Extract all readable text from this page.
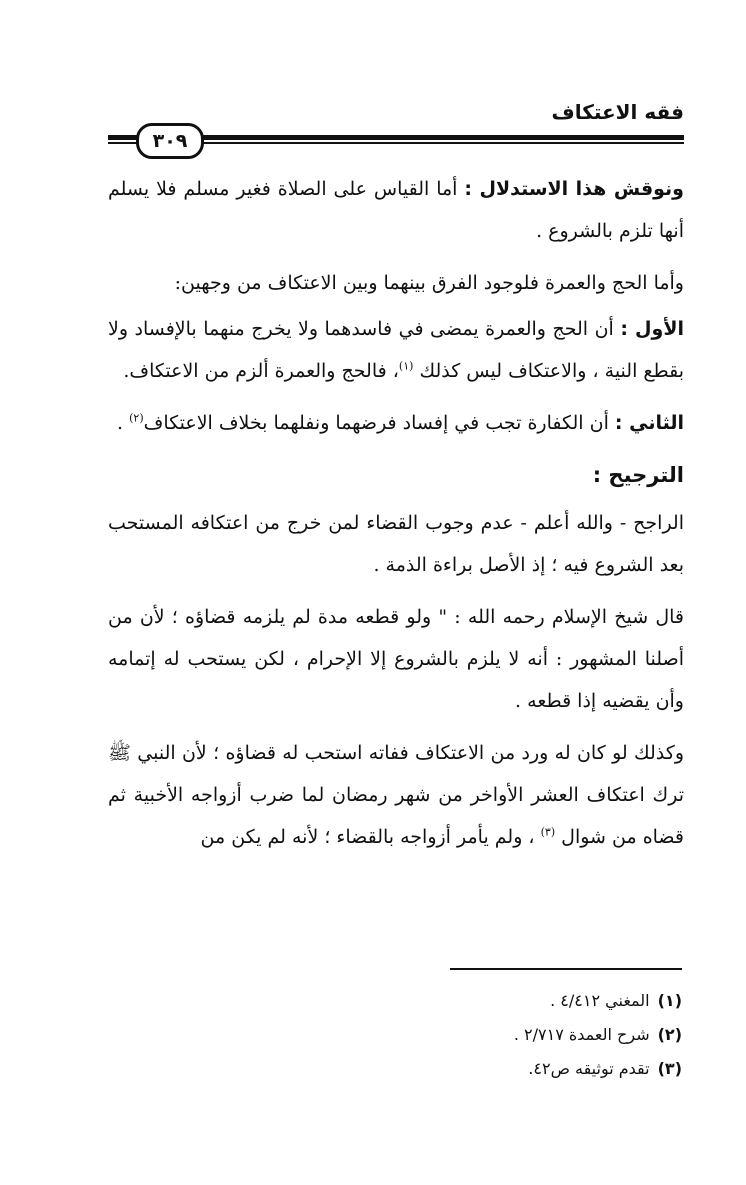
فقه الاعتكاف
٣٠٩

ونوقش هذا الاستدلال : أما القياس على الصلاة فغير مسلم فلا يسلم أنها تلزم بالشروع .

وأما الحج والعمرة فلوجود الفرق بينهما وبين الاعتكاف من وجهين:

الأول : أن الحج والعمرة يمضى في فاسدهما ولا يخرج منهما بالإفساد ولا بقطع النية ، والاعتكاف ليس كذلك $^{(١)}$، فالحج والعمرة ألزم من الاعتكاف.

الثاني : أن الكفارة تجب في إفساد فرضهما ونفلهما بخلاف الاعتكاف$^{(٢)}$ .

الترجيح :

الراجح - والله أعلم - عدم وجوب القضاء لمن خرج من اعتكافه المستحب بعد الشروع فيه ؛ إذ الأصل براءة الذمة .

قال شيخ الإسلام رحمه الله : " ولو قطعه مدة لم يلزمه قضاؤه ؛ لأن من أصلنا المشهور : أنه لا يلزم بالشروع إلا الإحرام ، لكن يستحب له إتمامه وأن يقضيه إذا قطعه .

وكذلك لو كان له ورد من الاعتكاف ففاته استحب له قضاؤه ؛ لأن النبي ﷺ ترك اعتكاف العشر الأواخر من شهر رمضان لما ضرب أزواجه الأخبية ثم قضاه من شوال $^{(٣)}$ ، ولم يأمر أزواجه بالقضاء ؛ لأنه لم يكن من

(١)المغني ٤/٤١٢ .

(٢)شرح العمدة ٢/٧١٧ .

(٣)تقدم توثيقه ص٤٢.
